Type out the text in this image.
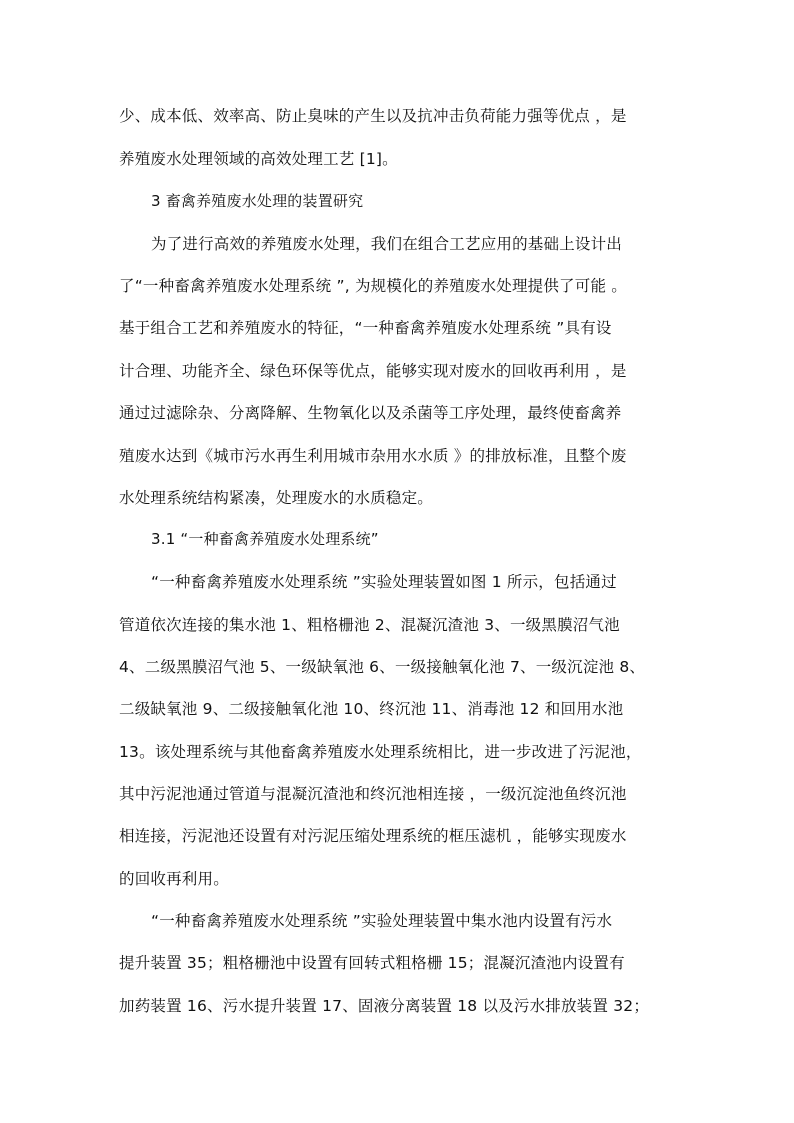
少、成本低、效率高、防止臭味的产生以及抗冲击负荷能力强等优点 ，是
养殖废水处理领域的高效处理工艺 [1]。
3 畜禽养殖废水处理的装置研究
为了进行高效的养殖废水处理，我们在组合工艺应用的基础上设计出
了“一种畜禽养殖废水处理系统 ”, 为规模化的养殖废水处理提供了可能 。
基于组合工艺和养殖废水的特征，“一种畜禽养殖废水处理系统 ”具有设
计合理、功能齐全、绿色环保等优点，能够实现对废水的回收再利用 ，是
通过过滤除杂、分离降解、生物氧化以及杀菌等工序处理，最终使畜禽养
殖废水达到《城市污水再生利用城市杂用水水质 》的排放标准，且整个废
水处理系统结构紧凑，处理废水的水质稳定。
3.1 “一种畜禽养殖废水处理系统”
“一种畜禽养殖废水处理系统 ”实验处理装置如图 1 所示，包括通过
管道依次连接的集水池 1、粗格栅池 2、混凝沉渣池 3、一级黑膜沼气池
4、二级黑膜沼气池 5、一级缺氧池 6、一级接触氧化池 7、一级沉淀池 8、
二级缺氧池 9、二级接触氧化池 10、终沉池 11、消毒池 12 和回用水池
13。该处理系统与其他畜禽养殖废水处理系统相比，进一步改进了污泥池，
其中污泥池通过管道与混凝沉渣池和终沉池相连接 ，一级沉淀池鱼终沉池
相连接，污泥池还设置有对污泥压缩处理系统的框压滤机 ，能够实现废水
的回收再利用。
“一种畜禽养殖废水处理系统 ”实验处理装置中集水池内设置有污水
提升装置 35；粗格栅池中设置有回转式粗格栅 15；混凝沉渣池内设置有
加药装置 16、污水提升装置 17、固液分离装置 18 以及污水排放装置 32；
